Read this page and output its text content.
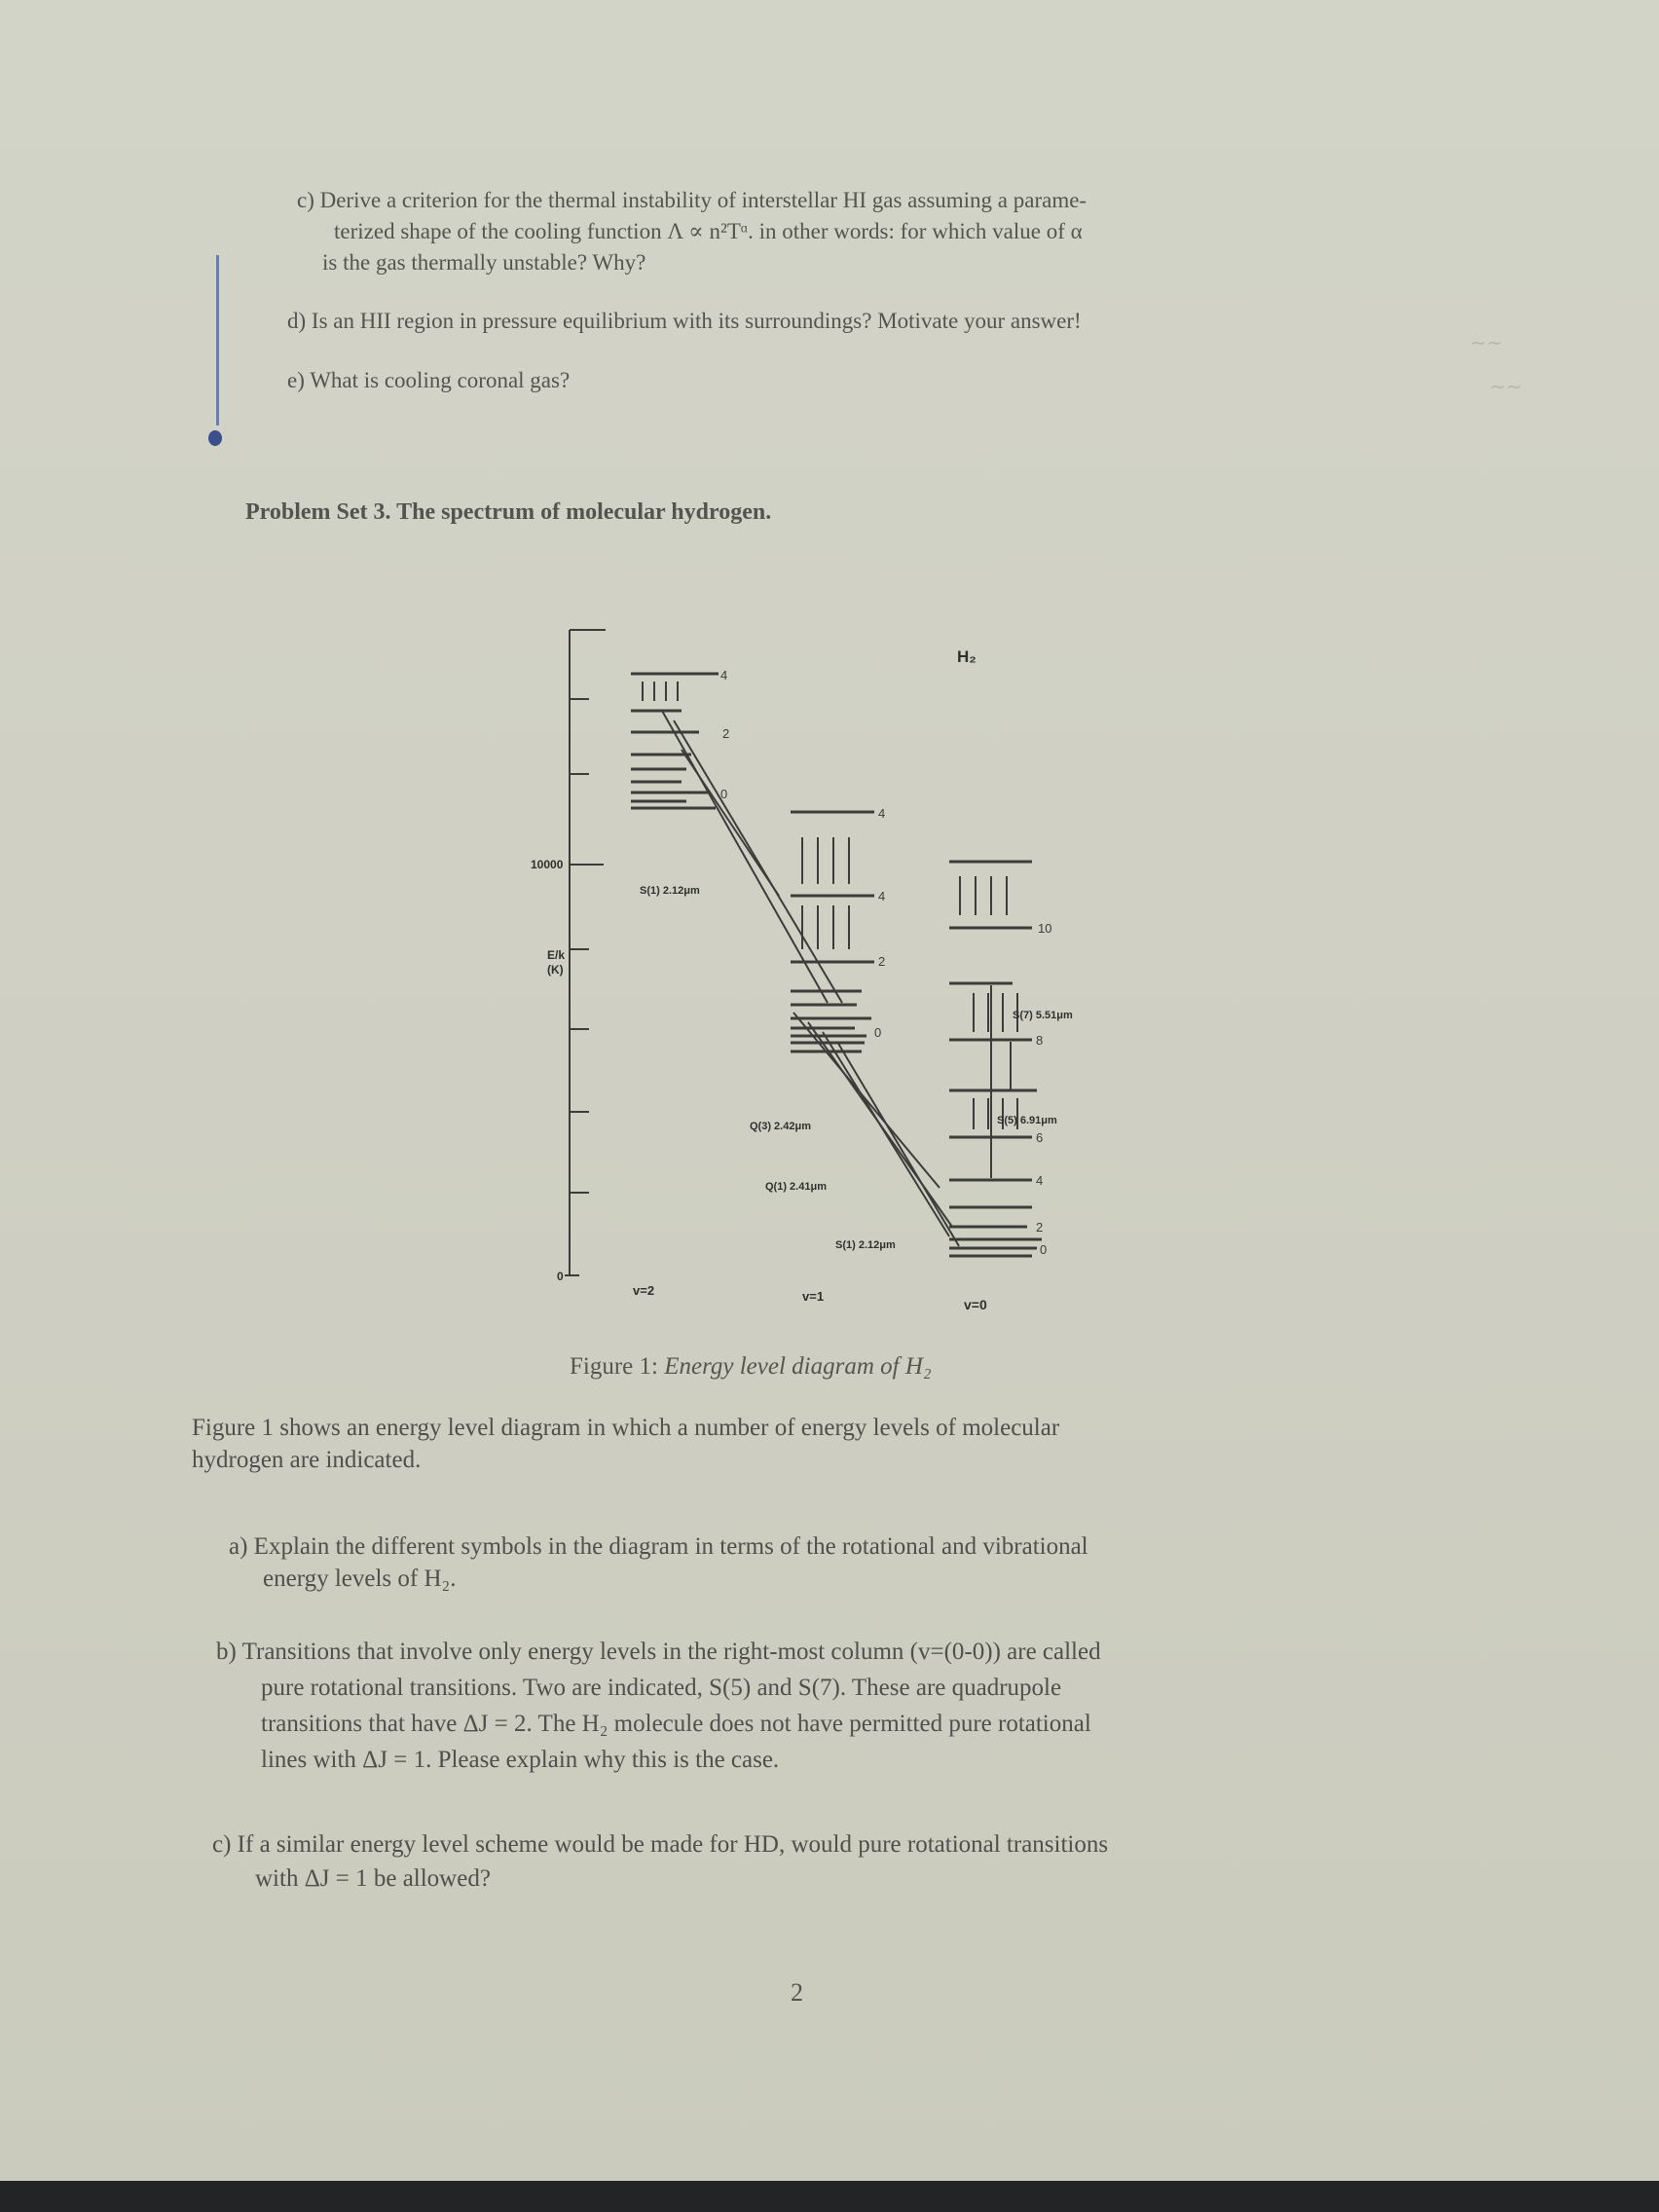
c) Derive a criterion for the thermal instability of interstellar HI gas assuming a parame-
terized shape of the cooling function Λ ∝ n²Tᵅ. in other words: for which value of α
is the gas thermally unstable? Why?
d) Is an HII region in pressure equilibrium with its surroundings? Motivate your answer!
e) What is cooling coronal gas?
~~
~~
Problem Set 3. The spectrum of molecular hydrogen.
4
2
0
4
4
2
0
10
8
6
4
2
0
H₂
E/k
(K)
10000
0
v=2	v=1
v=0
S(1) 2.12μm
Q(3) 2.42μm
Q(1) 2.41μm
S(1) 2.12μm
S(7) 5.51μm
S(5) 6.91μm
Figure 1: Energy level diagram of H₂
Figure 1 shows an energy level diagram in which a number of energy levels of molecular
hydrogen are indicated.
a) Explain the different symbols in the diagram in terms of the rotational and vibrational
energy levels of H₂.
b) Transitions that involve only energy levels in the right-most column (v=(0-0)) are called
pure rotational transitions. Two are indicated, S(5) and S(7). These are quadrupole
transitions that have ΔJ = 2. The H₂ molecule does not have permitted pure rotational
lines with ΔJ = 1. Please explain why this is the case.
c) If a similar energy level scheme would be made for HD, would pure rotational transitions
with ΔJ = 1 be allowed?
2
